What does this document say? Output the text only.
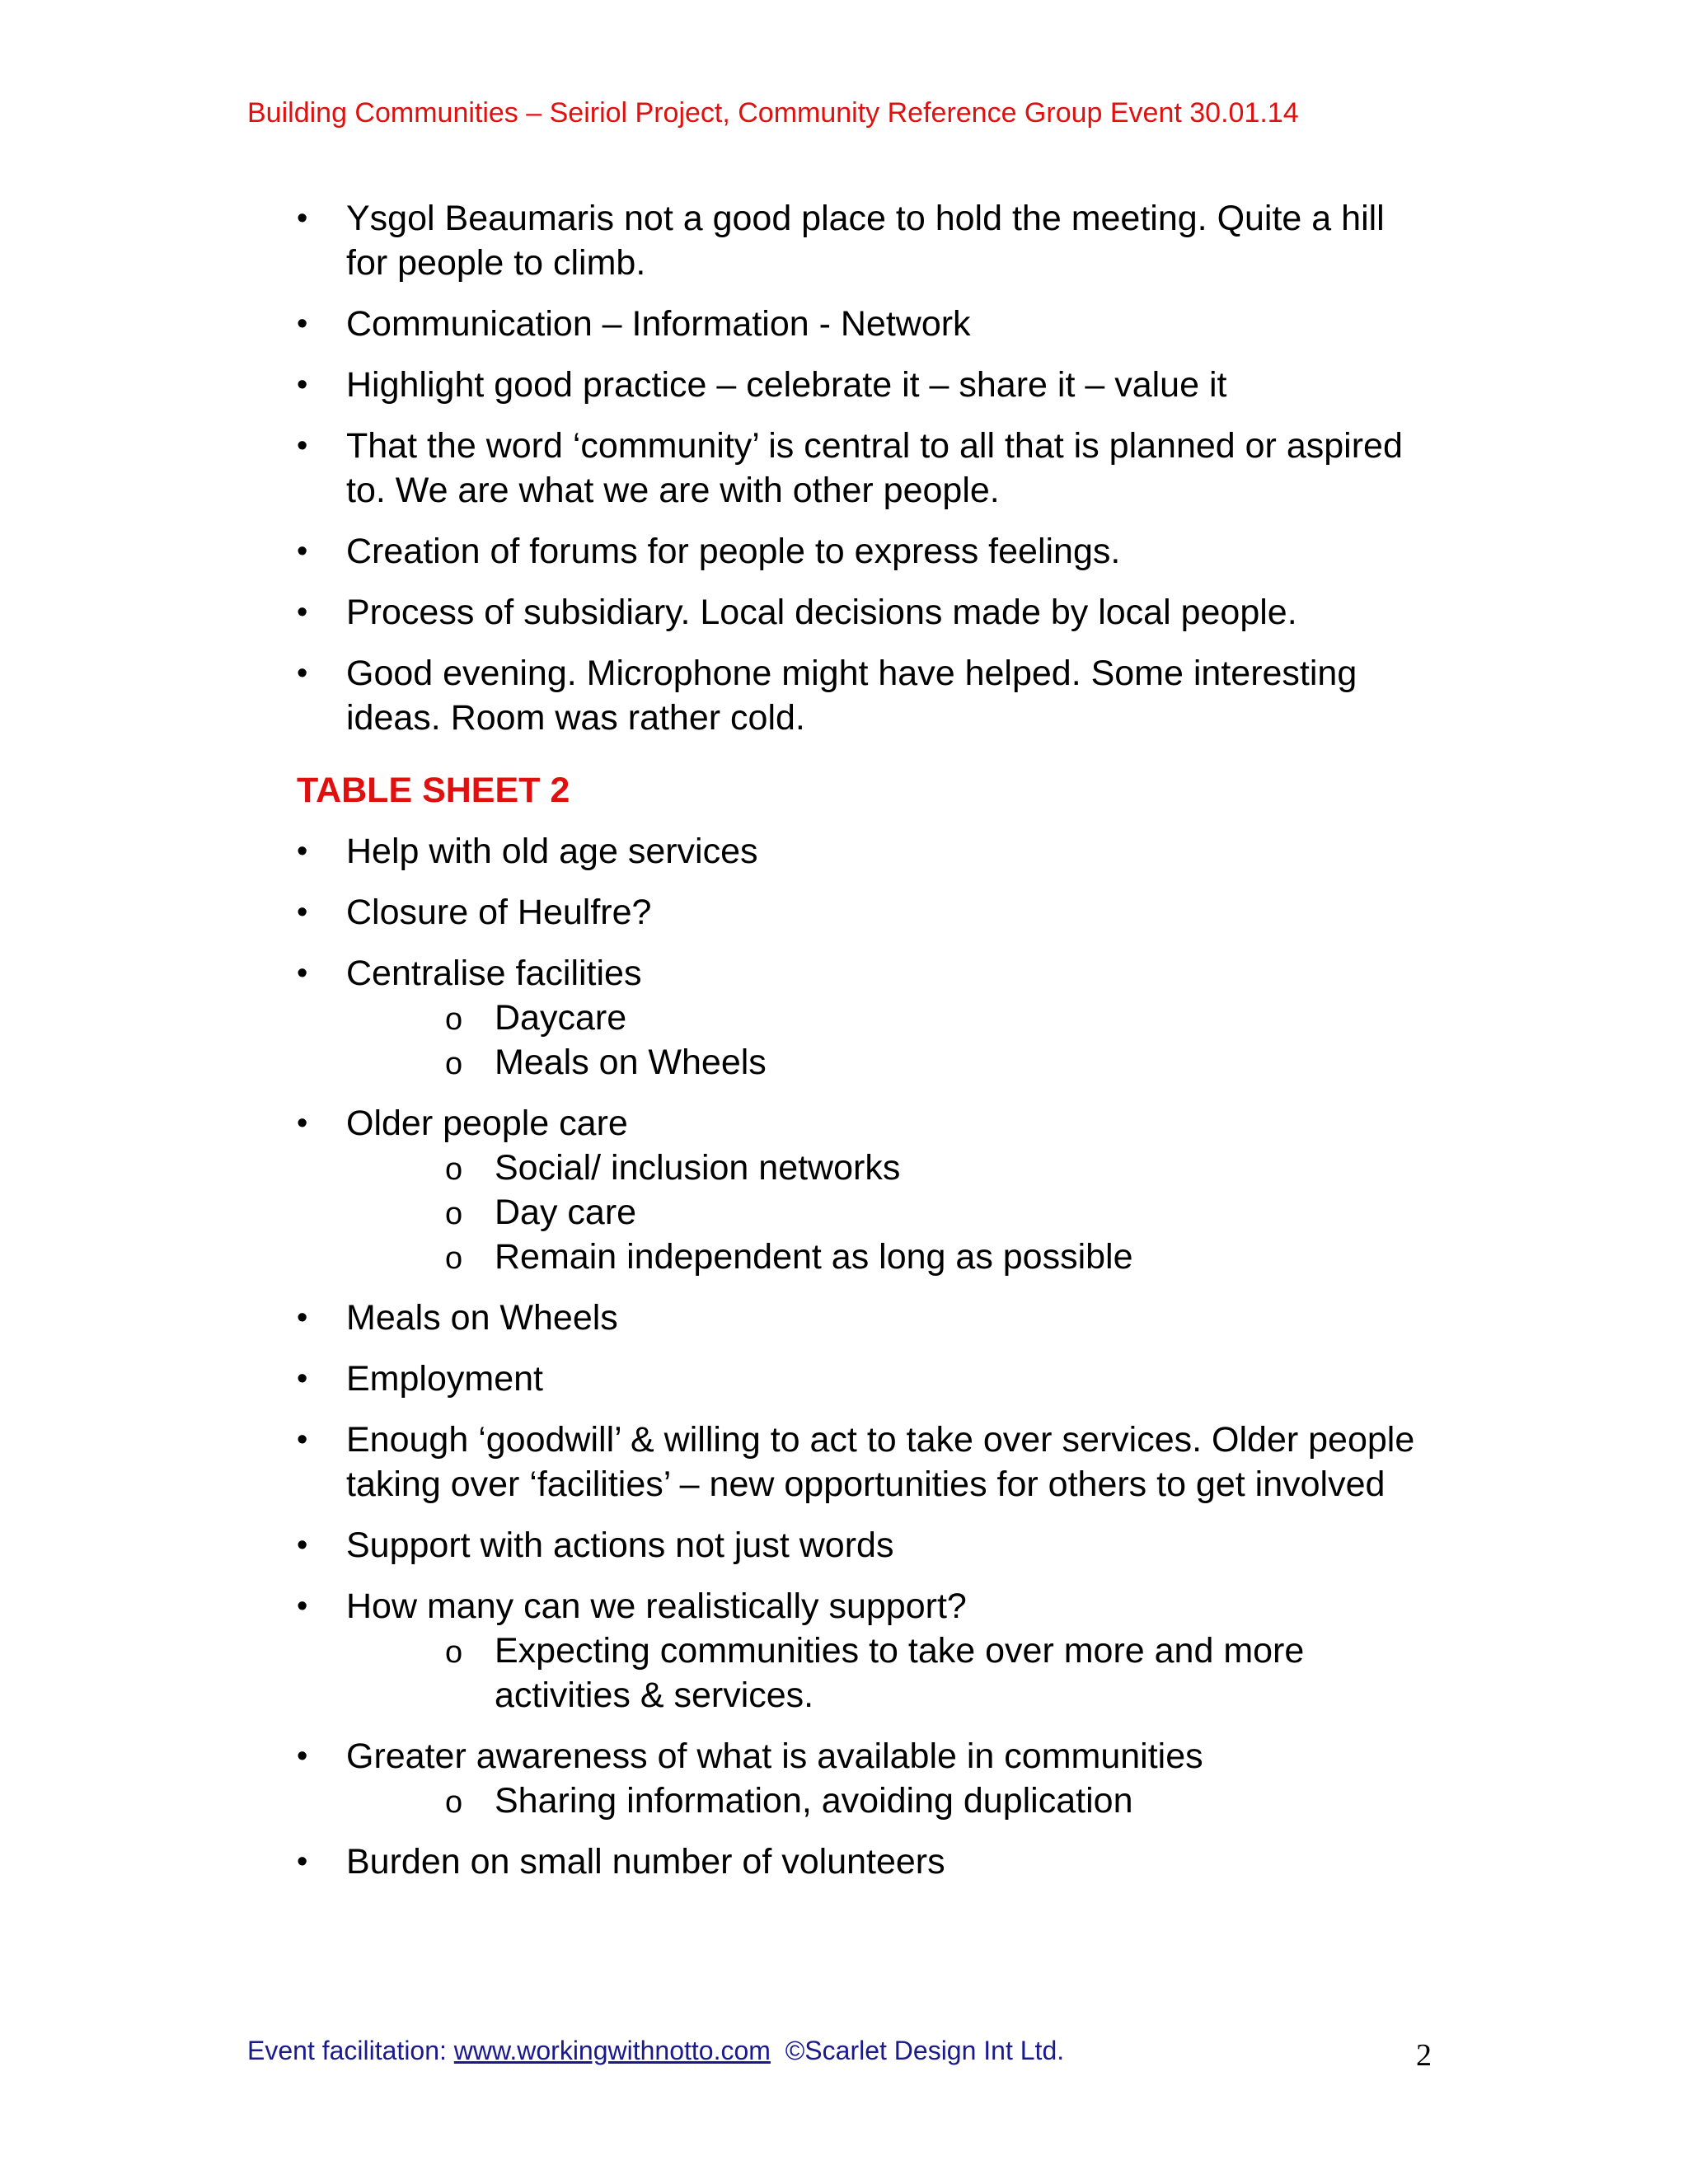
Building Communities – Seiriol Project, Community Reference Group Event 30.01.14
•	Ysgol Beaumaris not a good place to hold the meeting. Quite a hill for people to climb.
•	Communication – Information - Network
•	Highlight good practice – celebrate it – share it – value it
•	That the word ‘community’ is central to all that is planned or aspired to. We are what we are with other people.
•	Creation of forums for people to express feelings.
•	Process of subsidiary. Local decisions made by local people.
•	Good evening. Microphone might have helped. Some interesting ideas. Room was rather cold.
TABLE SHEET 2
•	Help with old age services
•	Closure of Heulfre?
•	Centralise facilities
o Daycare
o Meals on Wheels
•	Older people care
o Social/ inclusion networks
o Day care
o Remain independent as long as possible
•	Meals on Wheels
•	Employment
•	Enough ‘goodwill’ & willing to act to take over services. Older people taking over ‘facilities’ – new opportunities for others to get involved
•	Support with actions not just words
•	How many can we realistically support?
o Expecting communities to take over more and more activities & services.
•	Greater awareness of what is available in communities
o Sharing information, avoiding duplication
•	Burden on small number of volunteers
Event facilitation: www.workingwithnotto.com  ©Scarlet Design Int Ltd.	2
